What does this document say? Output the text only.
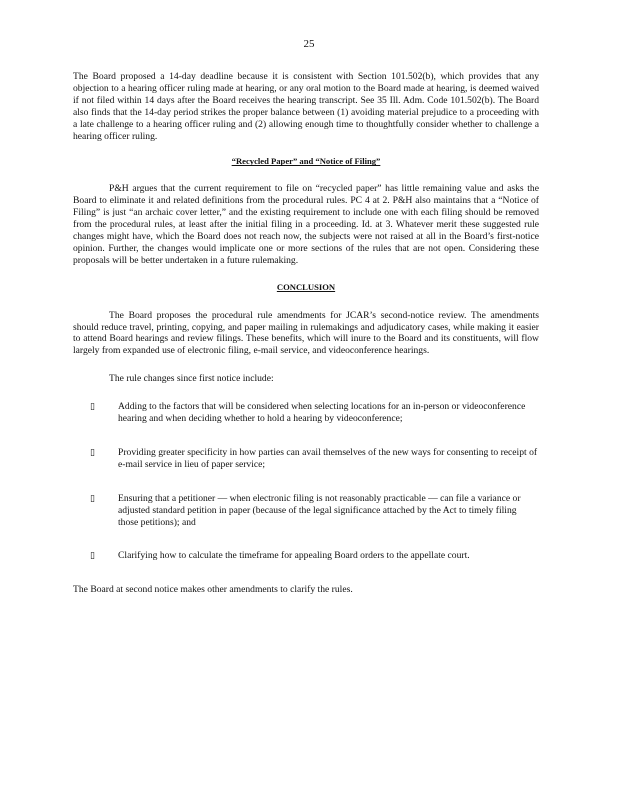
25

The Board proposed a 14-day deadline because it is consistent with Section 101.502(b), which provides that any objection to a hearing officer ruling made at hearing, or any oral motion to the Board made at hearing, is deemed waived if not filed within 14 days after the Board receives the hearing transcript. See 35 Ill. Adm. Code 101.502(b). The Board also finds that the 14-day period strikes the proper balance between (1) avoiding material prejudice to a proceeding with a late challenge to a hearing officer ruling and (2) allowing enough time to thoughtfully consider whether to challenge a hearing officer ruling.

“Recycled Paper” and “Notice of Filing”

P&H argues that the current requirement to file on “recycled paper” has little remaining value and asks the Board to eliminate it and related definitions from the procedural rules. PC 4 at 2. P&H also maintains that a “Notice of Filing” is just “an archaic cover letter,” and the existing requirement to include one with each filing should be removed from the procedural rules, at least after the initial filing in a proceeding. Id. at 3. Whatever merit these suggested rule changes might have, which the Board does not reach now, the subjects were not raised at all in the Board’s first-notice opinion. Further, the changes would implicate one or more sections of the rules that are not open. Considering these proposals will be better undertaken in a future rulemaking.

CONCLUSION

The Board proposes the procedural rule amendments for JCAR’s second-notice review. The amendments should reduce travel, printing, copying, and paper mailing in rulemakings and adjudicatory cases, while making it easier to attend Board hearings and review filings. These benefits, which will inure to the Board and its constituents, will flow largely from expanded use of electronic filing, e-mail service, and videoconference hearings.

The rule changes since first notice include:

▯	Adding to the factors that will be considered when selecting locations for an in-person or videoconference hearing and when deciding whether to hold a hearing by videoconference;
▯	Providing greater specificity in how parties can avail themselves of the new ways for consenting to receipt of e-mail service in lieu of paper service;
▯	Ensuring that a petitioner — when electronic filing is not reasonably practicable — can file a variance or adjusted standard petition in paper (because of the legal significance attached by the Act to timely filing those petitions); and
▯	Clarifying how to calculate the timeframe for appealing Board orders to the appellate court.

The Board at second notice makes other amendments to clarify the rules.
